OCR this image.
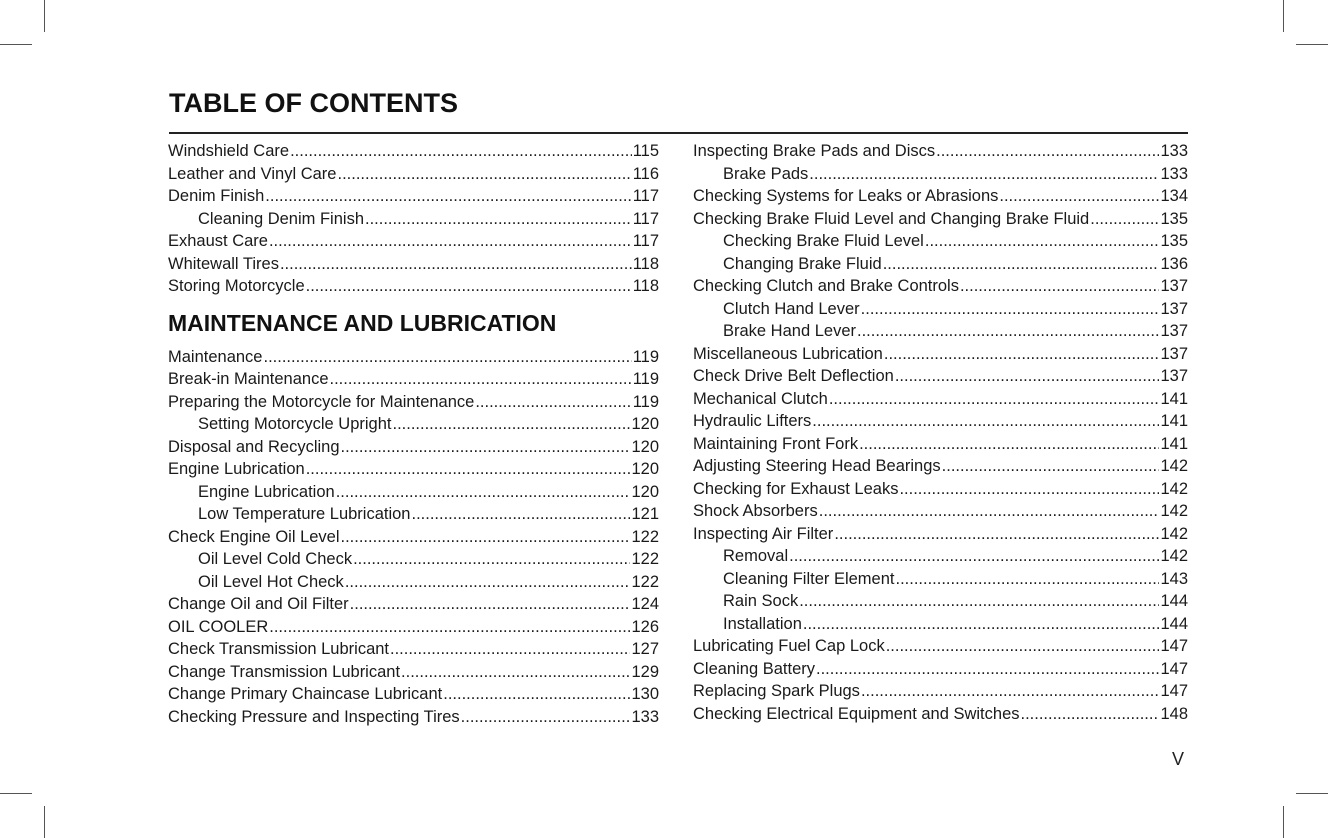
TABLE OF CONTENTS
Windshield Care .....	115
Leather and Vinyl Care .....	116
Denim Finish .....	117
Cleaning Denim Finish .....	117
Exhaust Care .....	117
Whitewall Tires .....	118
Storing Motorcycle .....	118
MAINTENANCE AND LUBRICATION
Maintenance .....	119
Break-in Maintenance .....	119
Preparing the Motorcycle for Maintenance .....	119
Setting Motorcycle Upright .....	120
Disposal and Recycling .....	120
Engine Lubrication .....	120
Engine Lubrication .....	120
Low Temperature Lubrication .....	121
Check Engine Oil Level .....	122
Oil Level Cold Check .....	122
Oil Level Hot Check .....	122
Change Oil and Oil Filter .....	124
OIL COOLER .....	126
Check Transmission Lubricant .....	127
Change Transmission Lubricant .....	129
Change Primary Chaincase Lubricant .....	130
Checking Pressure and Inspecting Tires .....	133
Inspecting Brake Pads and Discs .....	133
Brake Pads .....	133
Checking Systems for Leaks or Abrasions .....	134
Checking Brake Fluid Level and Changing Brake Fluid .....	135
Checking Brake Fluid Level .....	135
Changing Brake Fluid .....	136
Checking Clutch and Brake Controls .....	137
Clutch Hand Lever .....	137
Brake Hand Lever .....	137
Miscellaneous Lubrication .....	137
Check Drive Belt Deflection .....	137
Mechanical Clutch .....	141
Hydraulic Lifters .....	141
Maintaining Front Fork .....	141
Adjusting Steering Head Bearings .....	142
Checking for Exhaust Leaks .....	142
Shock Absorbers .....	142
Inspecting Air Filter .....	142
Removal .....	142
Cleaning Filter Element .....	143
Rain Sock .....	144
Installation .....	144
Lubricating Fuel Cap Lock .....	147
Cleaning Battery .....	147
Replacing Spark Plugs .....	147
Checking Electrical Equipment and Switches .....	148
V
